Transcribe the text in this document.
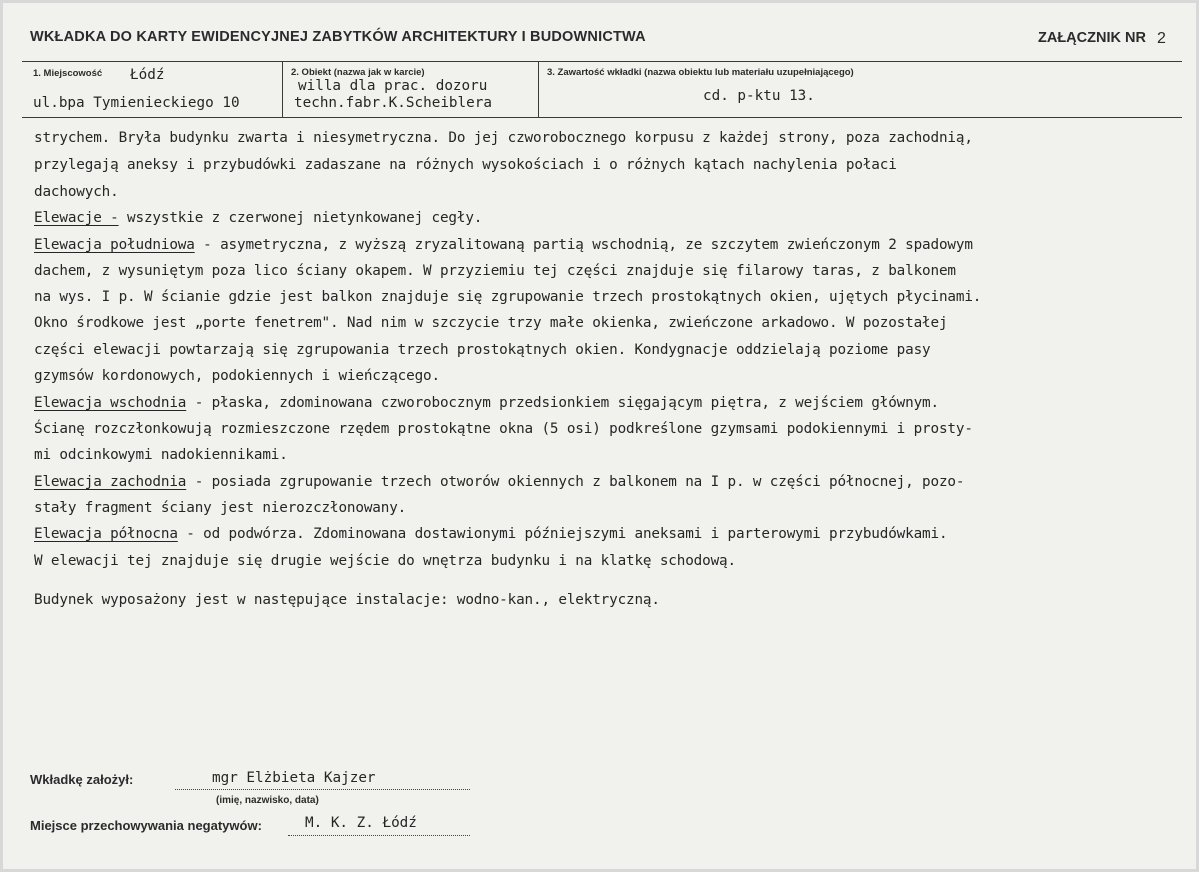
WKŁADKA DO KARTY EWIDENCYJNEJ ZABYTKÓW ARCHITEKTURY I BUDOWNICTWA	ZAŁĄCZNIK NR 2
1. Miejscowość Łódź
ul.bpa Tymienieckiego 10
2. Obiekt (nazwa jak w karcie)
willa dla prac. dozoru
techn.fabr.K.Scheiblera
3. Zawartość wkładki (nazwa obiektu lub materiału uzupełniającego)
cd. p-ktu 13.
strychem. Bryła budynku zwarta i niesymetryczna. Do jej czworobocznego korpusu z każdej strony, poza zachodnią,
przylegają aneksy i przybudówki zadaszane na różnych wysokościach i o różnych kątach nachylenia połaci
dachowych.
Elewacje - wszystkie z czerwonej nietynkowanej cegły.
Elewacja południowa - asymetryczna, z wyższą zryzalitowaną partią wschodnią, ze szczytem zwieńczonym 2 spadowym
dachem, z wysuniętym poza lico ściany okapem. W przyziemiu tej części znajduje się filarowy taras, z balkonem
na wys. I p. W ścianie gdzie jest balkon znajduje się zgrupowanie trzech prostokątnych okien, ujętych płycinami.
Okno środkowe jest „porte fenetrem". Nad nim w szczycie trzy małe okienka, zwieńczone arkadowo. W pozostałej
części elewacji powtarzają się zgrupowania trzech prostokątnych okien. Kondygnacje oddzielają poziome pasy
gzymsów kordonowych, podokiennych i wieńczącego.
Elewacja wschodnia - płaska, zdominowana czworobocznym przedsionkiem sięgającym piętra, z wejściem głównym.
Ścianę rozczłonkowują rozmieszczone rzędem prostokątne okna (5 osi) podkreślone gzymsami podokiennymi i prosty-
mi odcinkowymi nadokiennikami.
Elewacja zachodnia - posiada zgrupowanie trzech otworów okiennych z balkonem na I p. w części północnej, pozo-
stały fragment ściany jest nierozczłonowany.
Elewacja północna - od podwórza. Zdominowana dostawionymi późniejszymi aneksami i parterowymi przybudówkami.
W elewacji tej znajduje się drugie wejście do wnętrza budynku i na klatkę schodową.
Budynek wyposażony jest w następujące instalacje: wodno-kan., elektryczną.
Wkładkę założył:	mgr Elżbieta Kajzer
(imię, nazwisko, data)
Miejsce przechowywania negatywów:	M. K. Z. Łódź
